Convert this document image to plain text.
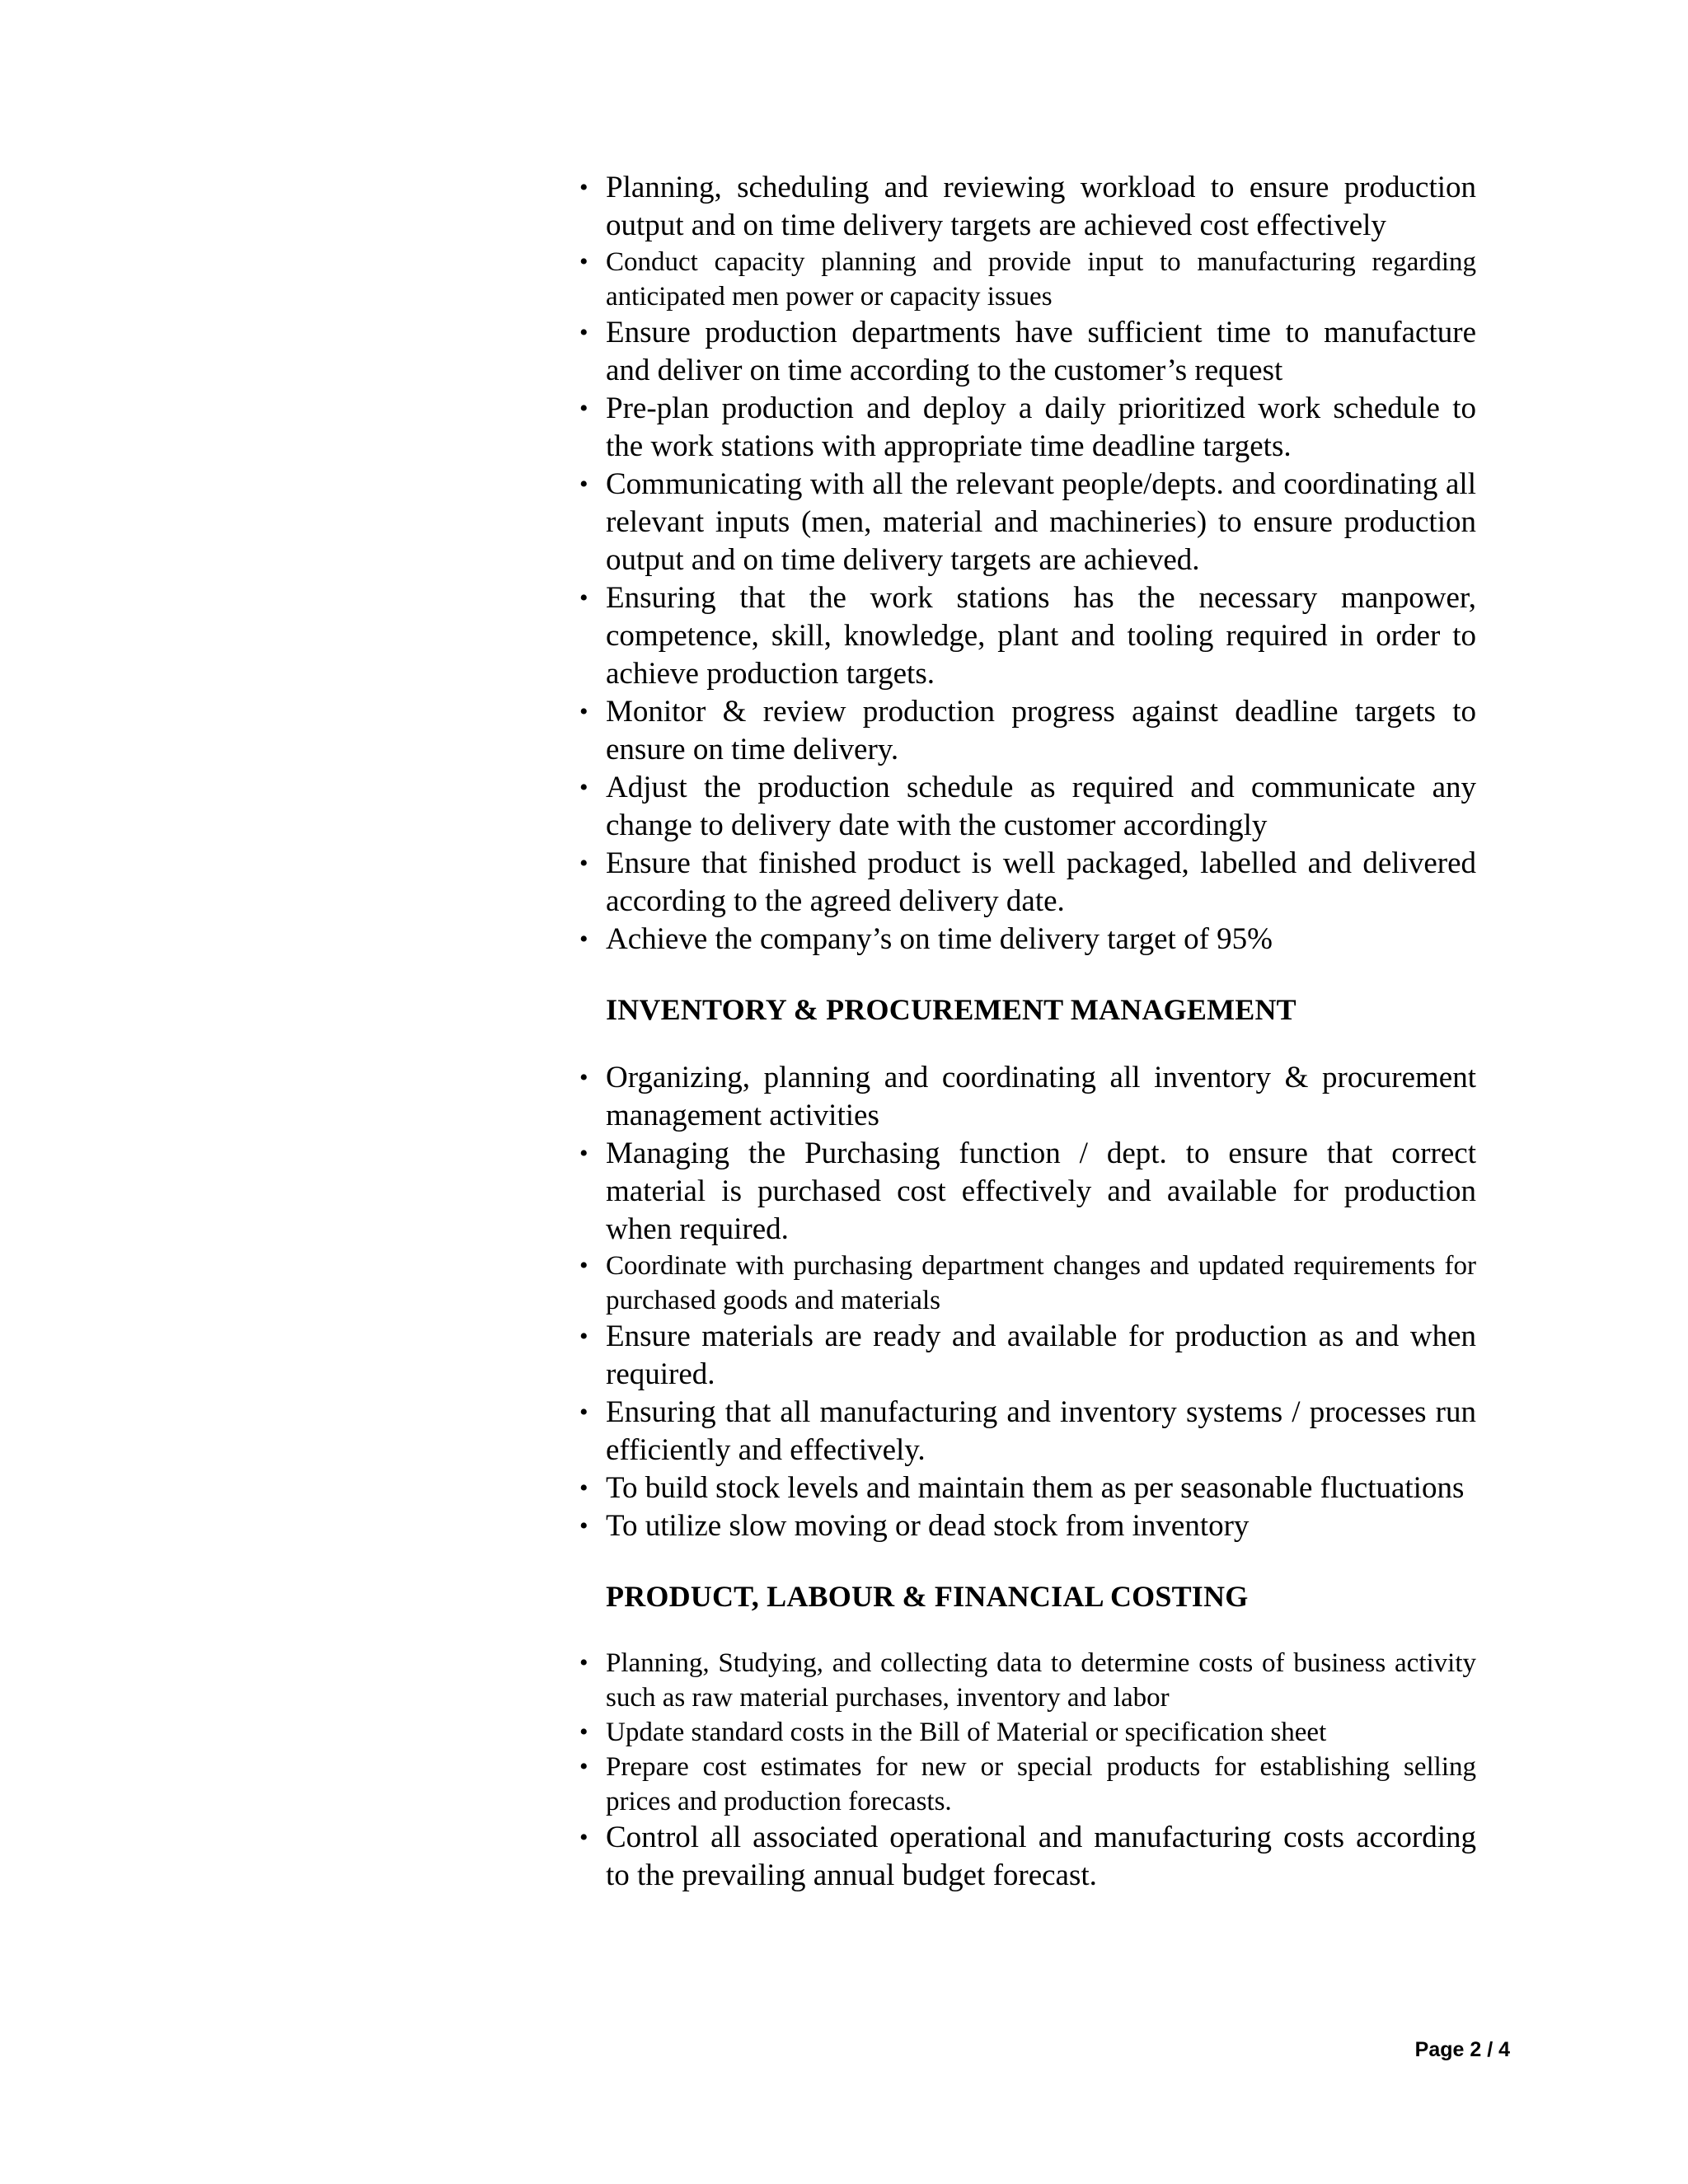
• Planning, scheduling and reviewing workload to ensure production output and on time delivery targets are achieved cost effectively
• Conduct capacity planning and provide input to manufacturing regarding anticipated men power or capacity issues
• Ensure production departments have sufficient time to manufacture and deliver on time according to the customer’s request
• Pre-plan production and deploy a daily prioritized work schedule to the work stations with appropriate time deadline targets.
• Communicating with all the relevant people/depts. and coordinating all relevant inputs (men, material and machineries) to ensure production output and on time delivery targets are achieved.
• Ensuring that the work stations has the necessary manpower, competence, skill, knowledge, plant and tooling required in order to achieve production targets.
• Monitor & review production progress against deadline targets to ensure on time delivery.
• Adjust the production schedule as required and communicate any change to delivery date with the customer accordingly
• Ensure that finished product is well packaged, labelled and delivered according to the agreed delivery date.
• Achieve the company’s on time delivery target of 95%
INVENTORY & PROCUREMENT MANAGEMENT
• Organizing, planning and coordinating all inventory & procurement management activities
• Managing the Purchasing function / dept. to ensure that correct material is purchased cost effectively and available for production when required.
• Coordinate with purchasing department changes and updated requirements for purchased goods and materials
• Ensure materials are ready and available for production as and when required.
• Ensuring that all manufacturing and inventory systems / processes run efficiently and effectively.
• To build stock levels and maintain them as per seasonable fluctuations
• To utilize slow moving or dead stock from inventory
PRODUCT, LABOUR & FINANCIAL COSTING
• Planning, Studying, and collecting data to determine costs of business activity such as raw material purchases, inventory and labor
• Update standard costs in the Bill of Material or specification sheet
• Prepare cost estimates for new or special products for establishing selling prices and production forecasts.
• Control all associated operational and manufacturing costs according to the prevailing annual budget forecast.
Page 2 / 4
